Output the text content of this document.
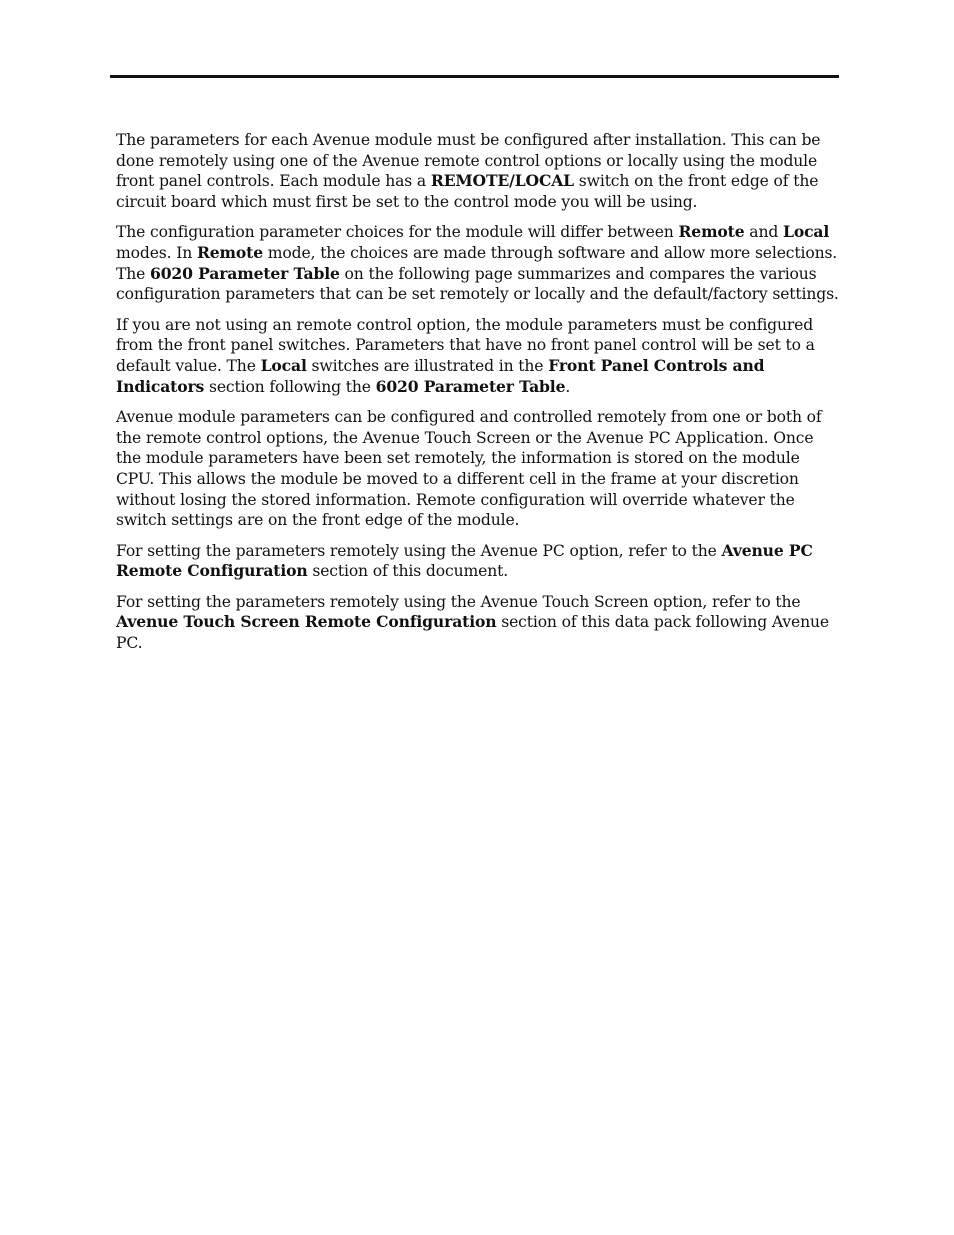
The parameters for each Avenue module must be configured after installation. This can be done remotely using one of the Avenue remote control options or locally using the module front panel controls. Each module has a REMOTE/LOCAL switch on the front edge of the circuit board which must first be set to the control mode you will be using.

The configuration parameter choices for the module will differ between Remote and Local modes. In Remote mode, the choices are made through software and allow more selections. The 6020 Parameter Table on the following page summarizes and compares the various configuration parameters that can be set remotely or locally and the default/factory settings.

If you are not using an remote control option, the module parameters must be configured from the front panel switches. Parameters that have no front panel control will be set to a default value. The Local switches are illustrated in the Front Panel Controls and Indicators section following the 6020 Parameter Table.

Avenue module parameters can be configured and controlled remotely from one or both of the remote control options, the Avenue Touch Screen or the Avenue PC Application. Once the module parameters have been set remotely, the information is stored on the module CPU. This allows the module be moved to a different cell in the frame at your discretion without losing the stored information. Remote configuration will override whatever the switch settings are on the front edge of the module.

For setting the parameters remotely using the Avenue PC option, refer to the Avenue PC Remote Configuration section of this document.

For setting the parameters remotely using the Avenue Touch Screen option, refer to the Avenue Touch Screen Remote Configuration section of this data pack following Avenue PC.
